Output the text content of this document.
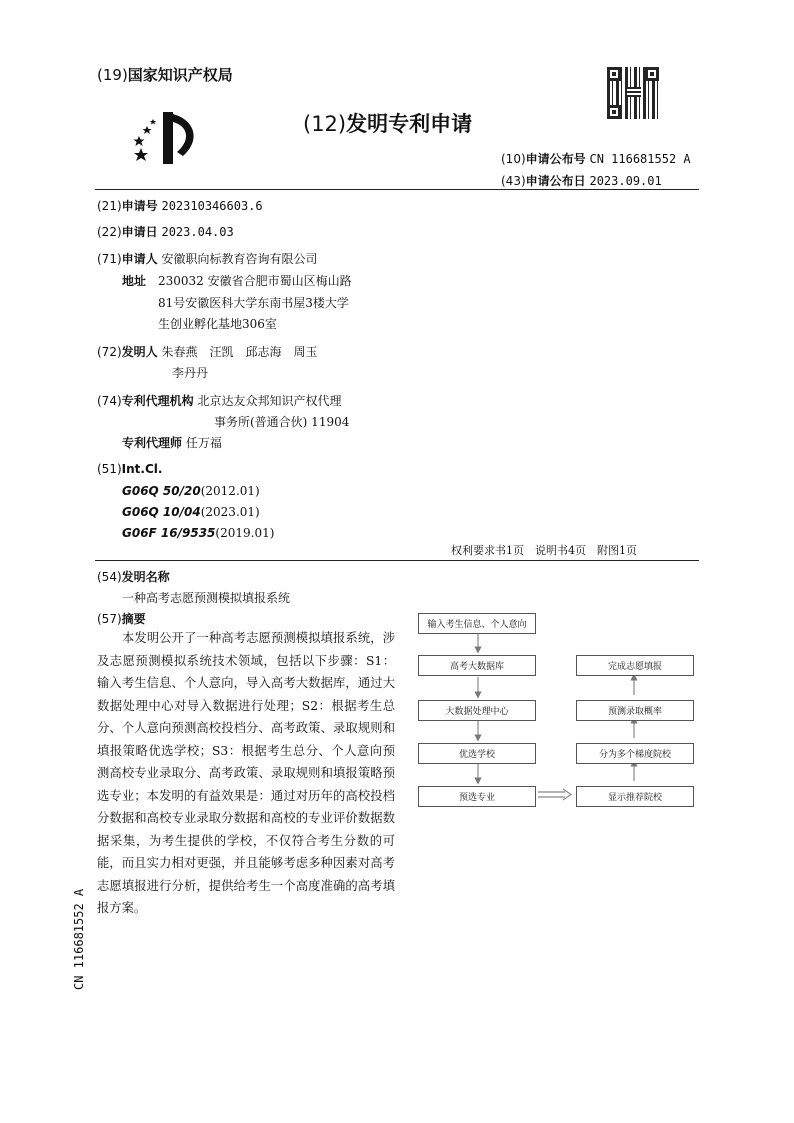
(19)国家知识产权局
(12)发明专利申请
(10)申请公布号 CN 116681552 A
(43)申请公布日 2023.09.01
(21)申请号 202310346603.6
(22)申请日 2023.04.03
(71)申请人 安徽职向标教育咨询有限公司
地址 230032 安徽省合肥市蜀山区梅山路
81号安徽医科大学东南书屋3楼大学
生创业孵化基地306室
(72)发明人 朱春燕　汪凯　邱志海　周玉
李丹丹
(74)专利代理机构 北京达友众邦知识产权代理
事务所(普通合伙) 11904
专利代理师 任万福
(51)Int.Cl.
G06Q 50/20(2012.01)
G06Q 10/04(2023.01)
G06F 16/9535(2019.01)
权利要求书1页　说明书4页　附图1页
(54)发明名称
一种高考志愿预测模拟填报系统
(57)摘要
本发明公开了一种高考志愿预测模拟填报系统，涉及志愿预测模拟系统技术领域，包括以下步骤：S1：输入考生信息、个人意向，导入高考大数据库，通过大数据处理中心对导入数据进行处理；S2：根据考生总分、个人意向预测高校投档分、高考政策、录取规则和填报策略优选学校；S3：根据考生总分、个人意向预测高校专业录取分、高考政策、录取规则和填报策略预选专业；本发明的有益效果是：通过对历年的高校投档分数据和高校专业录取分数据和高校的专业评价数据数据采集，为考生提供的学校，不仅符合考生分数的可能，而且实力相对更强，并且能够考虑多种因素对高考志愿填报进行分析，提供给考生一个高度准确的高考填报方案。
输入考生信息、个人意向
高考大数据库
大数据处理中心
优选学校
预选专业
完成志愿填报
预测录取概率
分为多个梯度院校
显示推荐院校
CN 116681552 A
